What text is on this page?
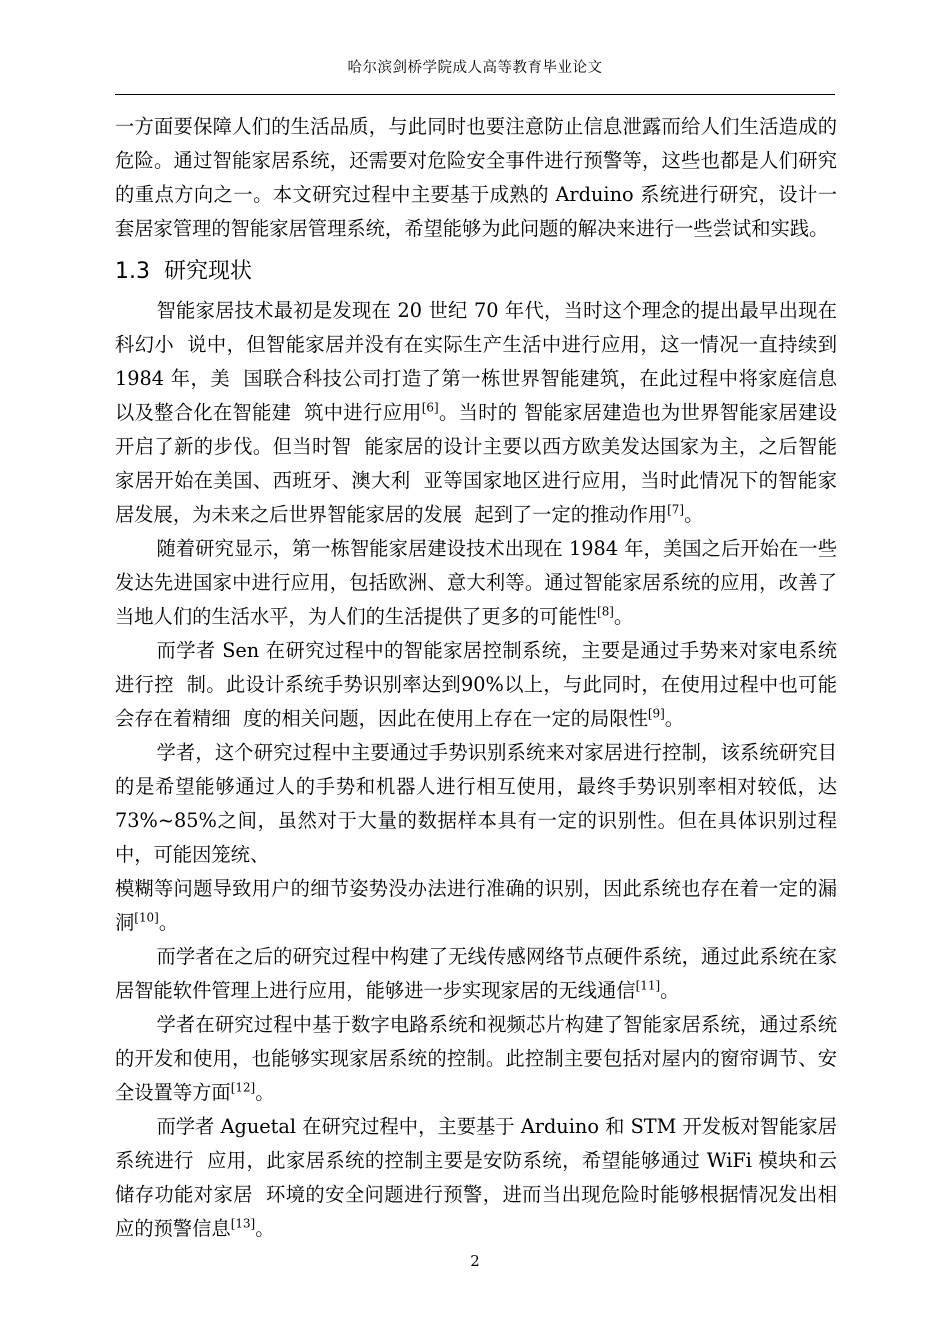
哈尔滨剑桥学院成人高等教育毕业论文

一方面要保障人们的生活品质，与此同时也要注意防止信息泄露而给人们生活造成的危险。通过智能家居系统，还需要对危险安全事件进行预警等，这些也都是人们研究的重点方向之一。本文研究过程中主要基于成熟的 Arduino 系统进行研究，设计一套居家管理的智能家居管理系统，希望能够为此问题的解决来进行一些尝试和实践。

1.3 研究现状

智能家居技术最初是发现在 20 世纪 70 年代，当时这个理念的提出最早出现在科幻小  说中，但智能家居并没有在实际生产生活中进行应用，这一情况一直持续到 1984 年，美  国联合科技公司打造了第一栋世界智能建筑，在此过程中将家庭信息以及整合化在智能建  筑中进行应用[6]。当时的 智能家居建造也为世界智能家居建设开启了新的步伐。但当时智  能家居的设计主要以西方欧美发达国家为主，之后智能家居开始在美国、西班牙、澳大利  亚等国家地区进行应用，当时此情况下的智能家居发展，为未来之后世界智能家居的发展  起到了一定的推动作用[7]。

随着研究显示，第一栋智能家居建设技术出现在 1984 年，美国之后开始在一些发达先进国家中进行应用，包括欧洲、意大利等。通过智能家居系统的应用，改善了当地人们的生活水平，为人们的生活提供了更多的可能性[8]。

而学者 Sen 在研究过程中的智能家居控制系统，主要是通过手势来对家电系统进行控  制。此设计系统手势识别率达到90%以上，与此同时，在使用过程中也可能会存在着精细  度的相关问题，因此在使用上存在一定的局限性[9]。

学者，这个研究过程中主要通过手势识别系统来对家居进行控制，该系统研究目的是希望能够通过人的手势和机器人进行相互使用，最终手势识别率相对较低，达 73%~85%之间，虽然对于大量的数据样本具有一定的识别性。但在具体识别过程中，可能因笼统、

模糊等问题导致用户的细节姿势没办法进行准确的识别，因此系统也存在着一定的漏洞[10]。

而学者在之后的研究过程中构建了无线传感网络节点硬件系统，通过此系统在家居智能软件管理上进行应用，能够进一步实现家居的无线通信[11]。

学者在研究过程中基于数字电路系统和视频芯片构建了智能家居系统，通过系统的开发和使用，也能够实现家居系统的控制。此控制主要包括对屋内的窗帘调节、安全设置等方面[12]。

而学者 Aguetal 在研究过程中，主要基于 Arduino 和 STM 开发板对智能家居系统进行  应用，此家居系统的控制主要是安防系统，希望能够通过 WiFi 模块和云储存功能对家居  环境的安全问题进行预警，进而当出现危险时能够根据情况发出相应的预警信息[13]。

2
